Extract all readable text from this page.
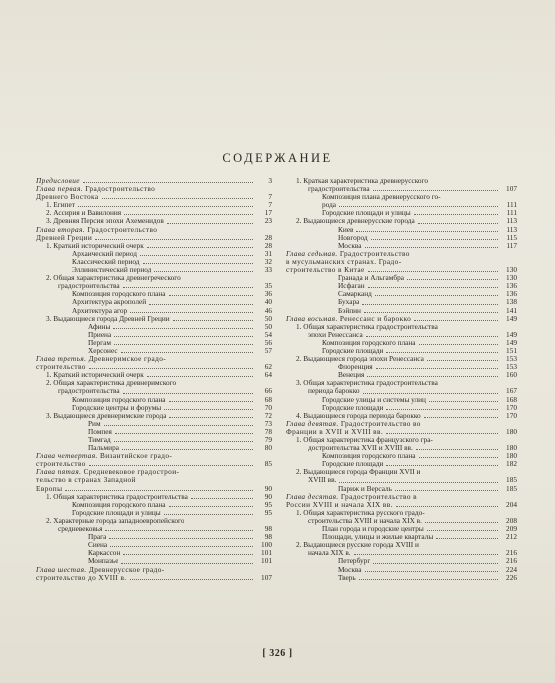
СОДЕРЖАНИЕ
Предисловие	3
Глава первая. Градостроительство
Древнего Востока	7
1. Египет	7
2. Ассирия и Вавилония	17
3. Древняя Персия эпохи Ахеменидов	23
Глава вторая. Градостроительство
Древней Греции	28
1. Краткий исторический очерк	28
Архаический период	31
Классический период	32
Эллинистический период	33
2. Общая характеристика древнегреческого
градостроительства	35
Композиция городского плана	36
Архитектура акрополей	40
Архитектура агор	46
3. Выдающиеся города Древней Греции	50
Афины	50
Приена	54
Пергам	56
Херсонес	57
Глава третья. Древнеримское градо-
строительство	62
1. Краткий исторический очерк	64
2. Общая характеристика древнеримского
градостроительства	66
Композиция городского плана	68
Городские центры и форумы	70
3. Выдающиеся древнеримские города	72
Рим	73
Помпея	78
Тимгад	79
Пальмира	80
Глава четвертая. Византийское градо-
строительство	85
Глава пятая. Средневековое градострои-
тельство в странах Западной
Европы	90
1. Общая характеристика градостроительства	90
Композиция городского плана	95
Городские площади и улицы	95
2. Характерные города западноевропейского
средневековья	98
Прага	98
Сиена	100
Каркассон	101
Монпазье	101
Глава шестая. Древнерусское градо-
строительство до XVIII в.	107
1. Краткая характеристика древнерусского
градостроительства	107
Композиция плана древнерусского го-
рода	111
Городские площади и улицы	111
2. Выдающиеся древнерусские города	113
Киев	113
Новгород	115
Москва	117
Глава седьмая. Градостроительство
в мусульманских странах. Градо-
строительство в Китае	130
Гранада и Альгамбра	130
Исфаган	136
Самарканд	136
Бухара	138
Бэйпин	141
Глава восьмая. Ренессанс и барокко	149
1. Общая характеристика градостроительства
эпохи Ренессанса	149
Композиция городского плана	149
Городские площади	151
2. Выдающиеся города эпохи Ренессанса	153
Флоренция	153
Венеция	160
3. Общая характеристика градостроительства
периода барокко	167
Городские улицы и системы улиц	168
Городские площади	170
4. Выдающиеся города периода барокко	170
Глава девятая. Градостроительство во
Франции в XVII и XVIII вв.	180
1. Общая характеристика французского гра-
достроительства XVII и XVIII вв.	180
Композиция городского плана	180
Городские площади	182
2. Выдающиеся города Франции XVII и
XVIII вв.	185
Париж и Версаль	185
Глава десятая. Градостроительство в
России XVIII и начала XIX вв.	204
1. Общая характеристика русского градо-
строительства XVIII и начала XIX в.	208
План города и городские центры	209
Площади, улицы и жилые кварталы	212
2. Выдающиеся русские города XVIII и
начала XIX в.	216
Петербург	216
Москва	224
Тверь	226
[ 326 ]
